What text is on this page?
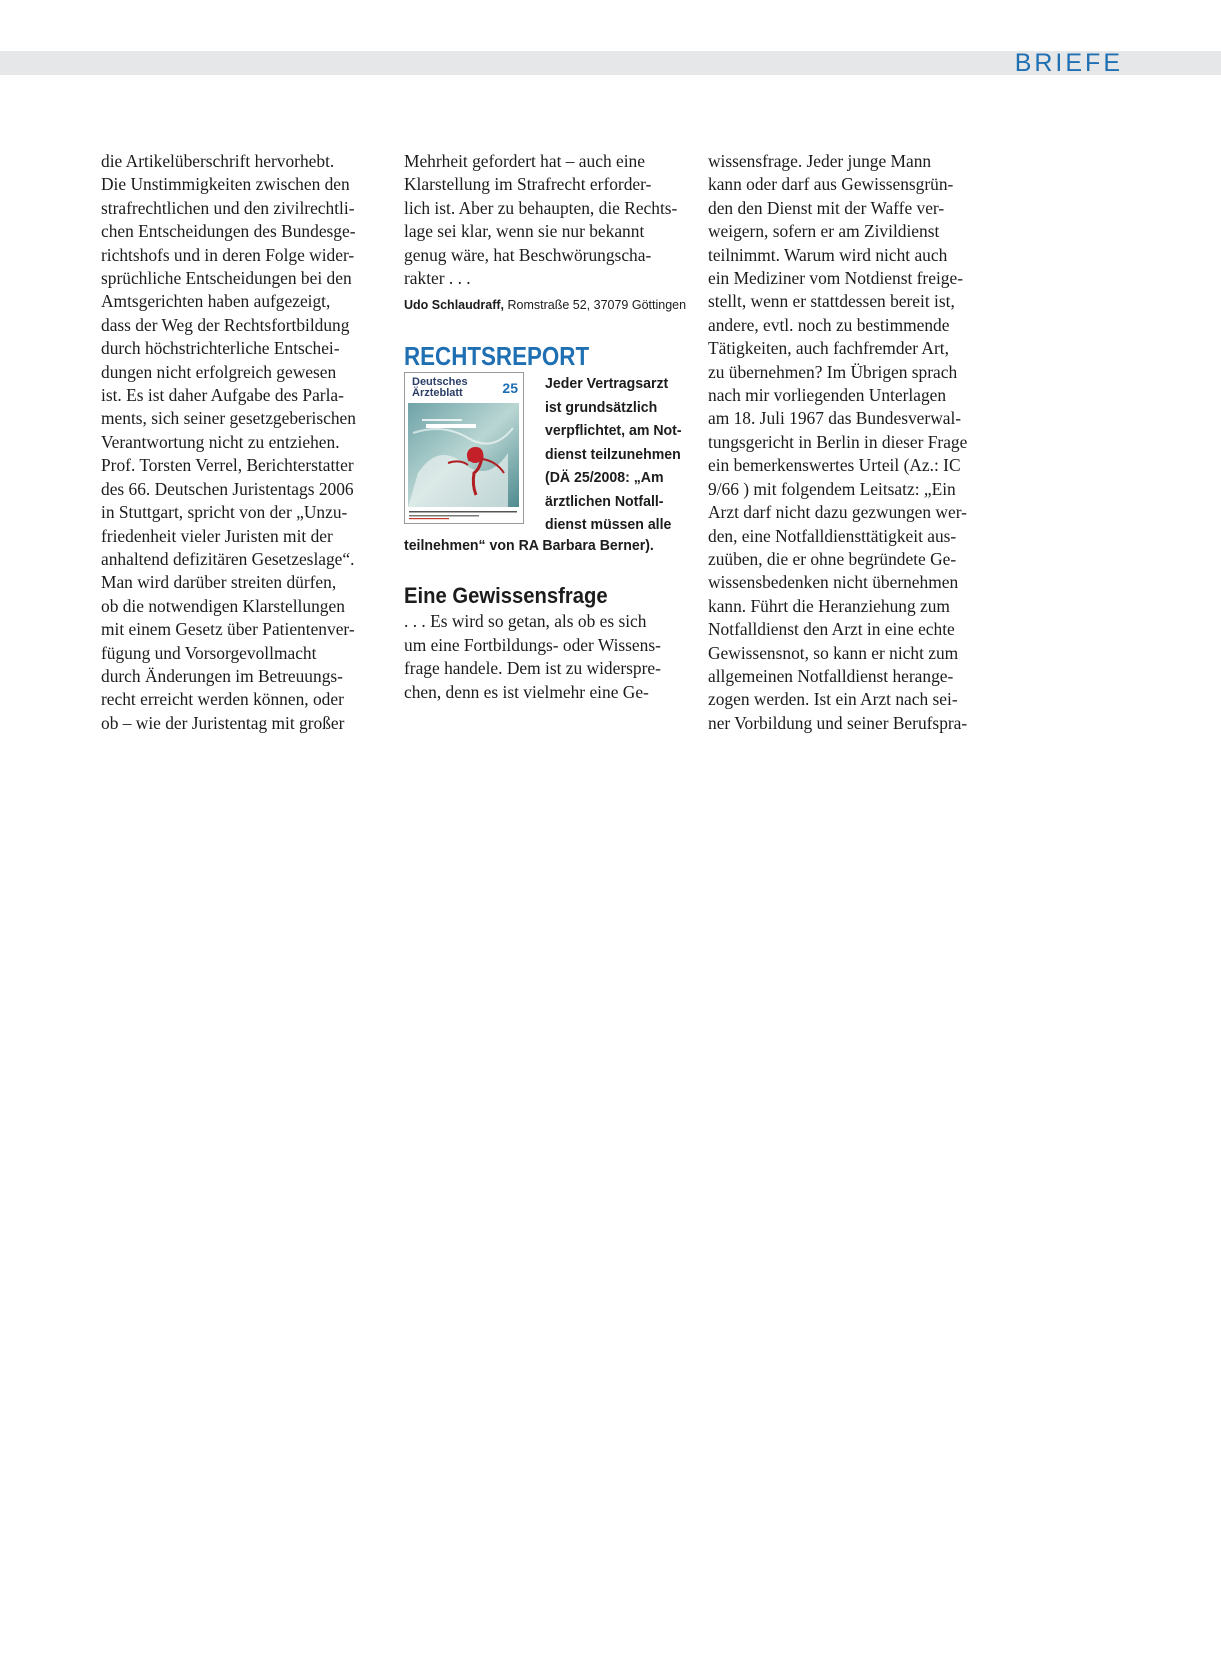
BRIEFE
die Artikelüberschrift hervorhebt.
Die Unstimmigkeiten zwischen den
strafrechtlichen und den zivilrechtli-
chen Entscheidungen des Bundesge-
richtshofs und in deren Folge wider-
sprüchliche Entscheidungen bei den
Amtsgerichten haben aufgezeigt,
dass der Weg der Rechtsfortbildung
durch höchstrichterliche Entschei-
dungen nicht erfolgreich gewesen
ist. Es ist daher Aufgabe des Parla-
ments, sich seiner gesetzgeberischen
Verantwortung nicht zu entziehen.
Prof. Torsten Verrel, Berichterstatter
des 66. Deutschen Juristentags 2006
in Stuttgart, spricht von der „Unzu-
friedenheit vieler Juristen mit der
anhaltend defizitären Gesetzeslage“.
Man wird darüber streiten dürfen,
ob die notwendigen Klarstellungen
mit einem Gesetz über Patientenver-
fügung und Vorsorgevollmacht
durch Änderungen im Betreuungs-
recht erreicht werden können, oder
ob – wie der Juristentag mit großer
Mehrheit gefordert hat – auch eine
Klarstellung im Strafrecht erforder-
lich ist. Aber zu behaupten, die Rechts-
lage sei klar, wenn sie nur bekannt
genug wäre, hat Beschwörungscha-
rakter . . .
Udo Schlaudraff, Romstraße 52, 37079 Göttingen
RECHTSREPORT
Deutsches
Ärzteblatt	25 Jeder Vertragsarzt
ist grundsätzlich
verpflichtet, am Not-
dienst teilzunehmen
(DÄ 25/2008: „Am
ärztlichen Notfall-
dienst müssen alle
teilnehmen“ von RA Barbara Berner).
Eine Gewissensfrage
. . . Es wird so getan, als ob es sich
um eine Fortbildungs- oder Wissens-
frage handele. Dem ist zu widerspre-
chen, denn es ist vielmehr eine Ge-
wissensfrage. Jeder junge Mann
kann oder darf aus Gewissensgrün-
den den Dienst mit der Waffe ver-
weigern, sofern er am Zivildienst
teilnimmt. Warum wird nicht auch
ein Mediziner vom Notdienst freige-
stellt, wenn er stattdessen bereit ist,
andere, evtl. noch zu bestimmende
Tätigkeiten, auch fachfremder Art,
zu übernehmen? Im Übrigen sprach
nach mir vorliegenden Unterlagen
am 18. Juli 1967 das Bundesverwal-
tungsgericht in Berlin in dieser Frage
ein bemerkenswertes Urteil (Az.: IC
9/66 ) mit folgendem Leitsatz: „Ein
Arzt darf nicht dazu gezwungen wer-
den, eine Notfalldiensttätigkeit aus-
zuüben, die er ohne begründete Ge-
wissensbedenken nicht übernehmen
kann. Führt die Heranziehung zum
Notfalldienst den Arzt in eine echte
Gewissensnot, so kann er nicht zum
allgemeinen Notfalldienst herange-
zogen werden. Ist ein Arzt nach sei-
ner Vorbildung und seiner Berufspra-
